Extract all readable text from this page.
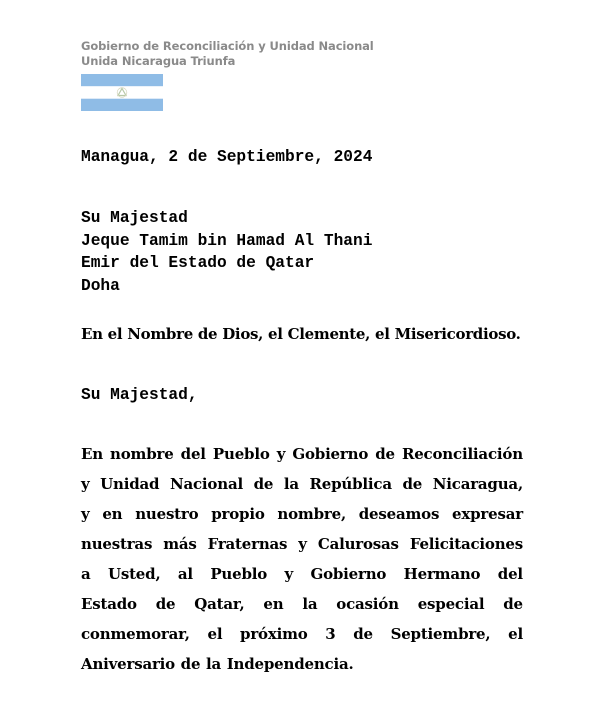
Gobierno de Reconciliación y Unidad Nacional
Unida Nicaragua Triunfa
Managua, 2 de Septiembre, 2024
Su Majestad
Jeque Tamim bin Hamad Al Thani
Emir del Estado de Qatar
Doha
En el Nombre de Dios, el Clemente, el Misericordioso.
Su Majestad,
En nombre del Pueblo y Gobierno de Reconciliación
y Unidad Nacional de la República de Nicaragua,
y en nuestro propio nombre, deseamos expresar
nuestras más Fraternas y Calurosas Felicitaciones
a Usted, al Pueblo y Gobierno Hermano del
Estado de Qatar, en la ocasión especial de
conmemorar, el próximo 3 de Septiembre, el
Aniversario de la Independencia.
